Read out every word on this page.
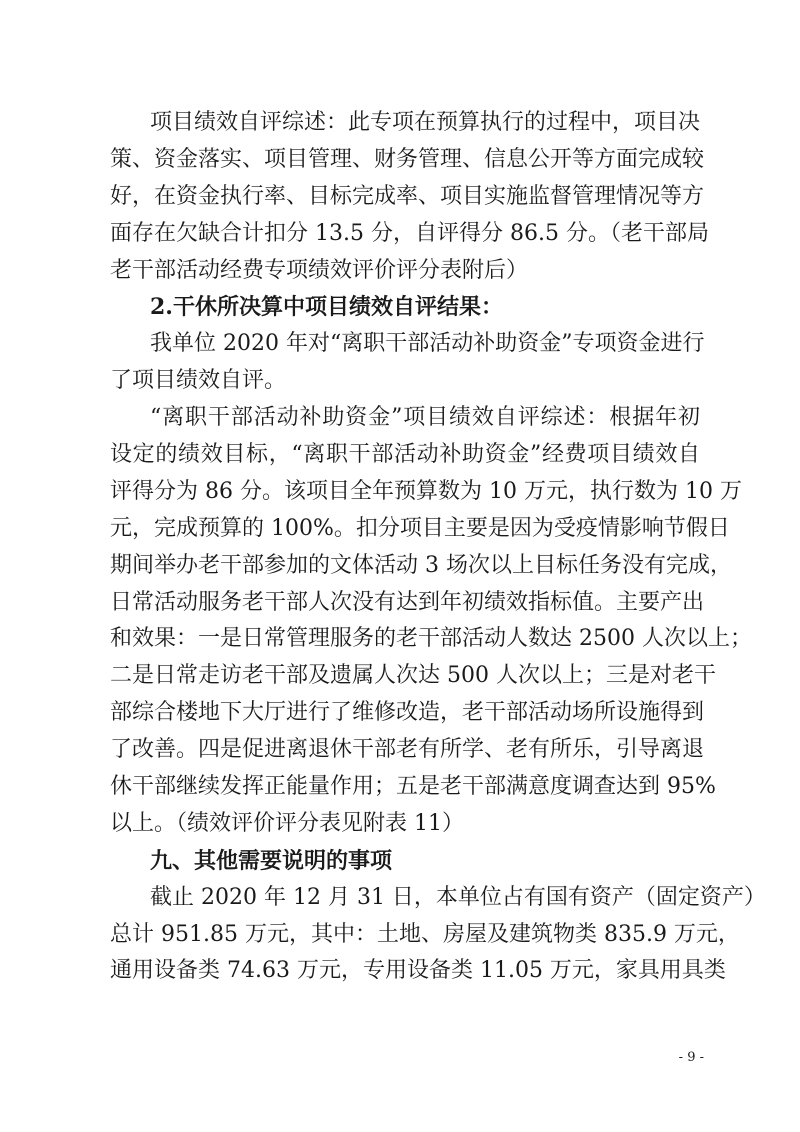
项目绩效自评综述：此专项在预算执行的过程中，项目决
策、资金落实、项目管理、财务管理、信息公开等方面完成较
好，在资金执行率、目标完成率、项目实施监督管理情况等方
面存在欠缺合计扣分 13.5 分，自评得分 86.5 分。（老干部局
老干部活动经费专项绩效评价评分表附后）
2.干休所决算中项目绩效自评结果：
我单位 2020 年对“离职干部活动补助资金”专项资金进行
了项目绩效自评。
“离职干部活动补助资金”项目绩效自评综述：根据年初
设定的绩效目标，“离职干部活动补助资金”经费项目绩效自
评得分为 86 分。该项目全年预算数为 10 万元，执行数为 10 万
元，完成预算的 100%。扣分项目主要是因为受疫情影响节假日
期间举办老干部参加的文体活动 3 场次以上目标任务没有完成，
日常活动服务老干部人次没有达到年初绩效指标值。主要产出
和效果：一是日常管理服务的老干部活动人数达 2500 人次以上；
二是日常走访老干部及遗属人次达 500 人次以上；三是对老干
部综合楼地下大厅进行了维修改造，老干部活动场所设施得到
了改善。四是促进离退休干部老有所学、老有所乐，引导离退
休干部继续发挥正能量作用；五是老干部满意度调查达到 95%
以上。（绩效评价评分表见附表 11）
九、其他需要说明的事项
截止 2020 年 12 月 31 日，本单位占有国有资产（固定资产）
总计 951.85 万元，其中：土地、房屋及建筑物类 835.9 万元，
通用设备类 74.63 万元，专用设备类 11.05 万元，家具用具类
- 9 -
